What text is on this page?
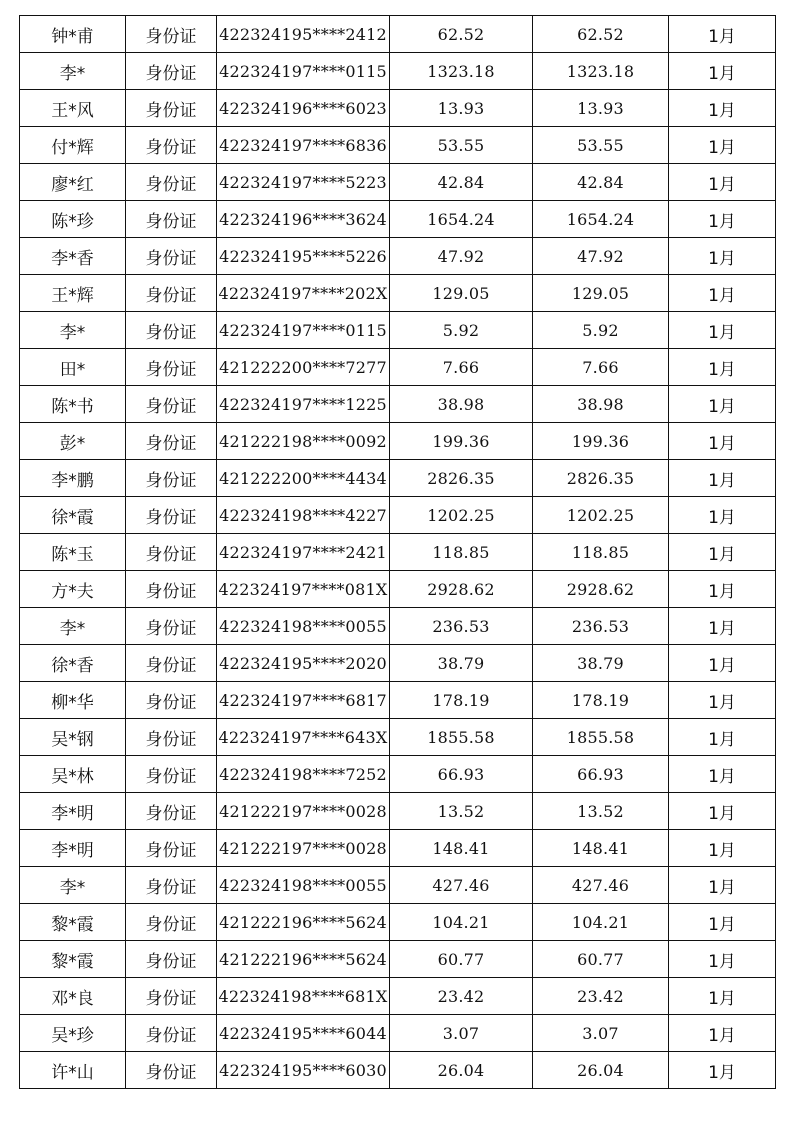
钟*甫	身份证	422324195****2412	62.52	62.52	1月
李*	身份证	422324197****0115	1323.18	1323.18	1月
王*风	身份证	422324196****6023	13.93	13.93	1月
付*辉	身份证	422324197****6836	53.55	53.55	1月
廖*红	身份证	422324197****5223	42.84	42.84	1月
陈*珍	身份证	422324196****3624	1654.24	1654.24	1月
李*香	身份证	422324195****5226	47.92	47.92	1月
王*辉	身份证	422324197****202X	129.05	129.05	1月
李*	身份证	422324197****0115	5.92	5.92	1月
田*	身份证	421222200****7277	7.66	7.66	1月
陈*书	身份证	422324197****1225	38.98	38.98	1月
彭*	身份证	421222198****0092	199.36	199.36	1月
李*鹏	身份证	421222200****4434	2826.35	2826.35	1月
徐*霞	身份证	422324198****4227	1202.25	1202.25	1月
陈*玉	身份证	422324197****2421	118.85	118.85	1月
方*夫	身份证	422324197****081X	2928.62	2928.62	1月
李*	身份证	422324198****0055	236.53	236.53	1月
徐*香	身份证	422324195****2020	38.79	38.79	1月
柳*华	身份证	422324197****6817	178.19	178.19	1月
吴*钢	身份证	422324197****643X	1855.58	1855.58	1月
吴*林	身份证	422324198****7252	66.93	66.93	1月
李*明	身份证	421222197****0028	13.52	13.52	1月
李*明	身份证	421222197****0028	148.41	148.41	1月
李*	身份证	422324198****0055	427.46	427.46	1月
黎*霞	身份证	421222196****5624	104.21	104.21	1月
黎*霞	身份证	421222196****5624	60.77	60.77	1月
邓*良	身份证	422324198****681X	23.42	23.42	1月
吴*珍	身份证	422324195****6044	3.07	3.07	1月
许*山	身份证	422324195****6030	26.04	26.04	1月
